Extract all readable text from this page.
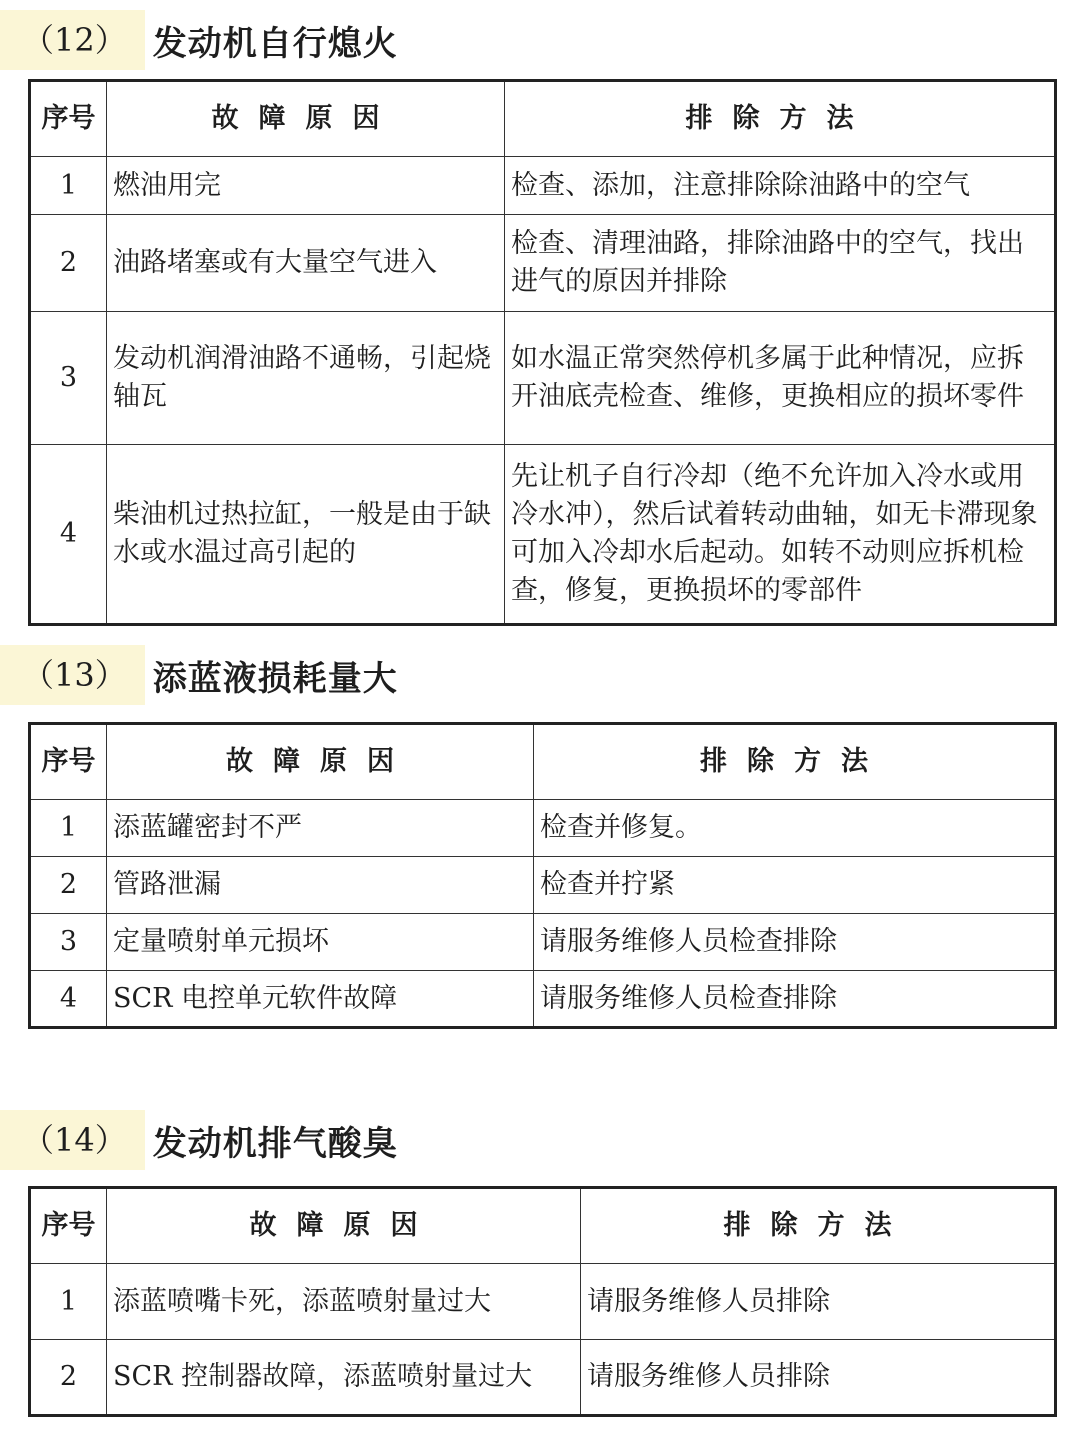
（12） 发动机自行熄火
序号	故障原因	排除方法
1	燃油用完	检查、添加，注意排除除油路中的空气
2	油路堵塞或有大量空气进入	检查、清理油路，排除油路中的空气，找出进气的原因并排除
3	发动机润滑油路不通畅，引起烧轴瓦	如水温正常突然停机多属于此种情况，应拆开油底壳检查、维修，更换相应的损坏零件
4	柴油机过热拉缸，一般是由于缺水或水温过高引起的	先让机子自行冷却（绝不允许加入冷水或用冷水冲），然后试着转动曲轴，如无卡滞现象可加入冷却水后起动。如转不动则应拆机检查，修复，更换损坏的零部件
（13） 添蓝液损耗量大
序号	故障原因	排除方法
1	添蓝罐密封不严	检查并修复。
2	管路泄漏	检查并拧紧
3	定量喷射单元损坏	请服务维修人员检查排除
4	SCR 电控单元软件故障	请服务维修人员检查排除
（14） 发动机排气酸臭
序号	故障原因	排除方法
1	添蓝喷嘴卡死，添蓝喷射量过大	请服务维修人员排除
2	SCR 控制器故障，添蓝喷射量过大	请服务维修人员排除
